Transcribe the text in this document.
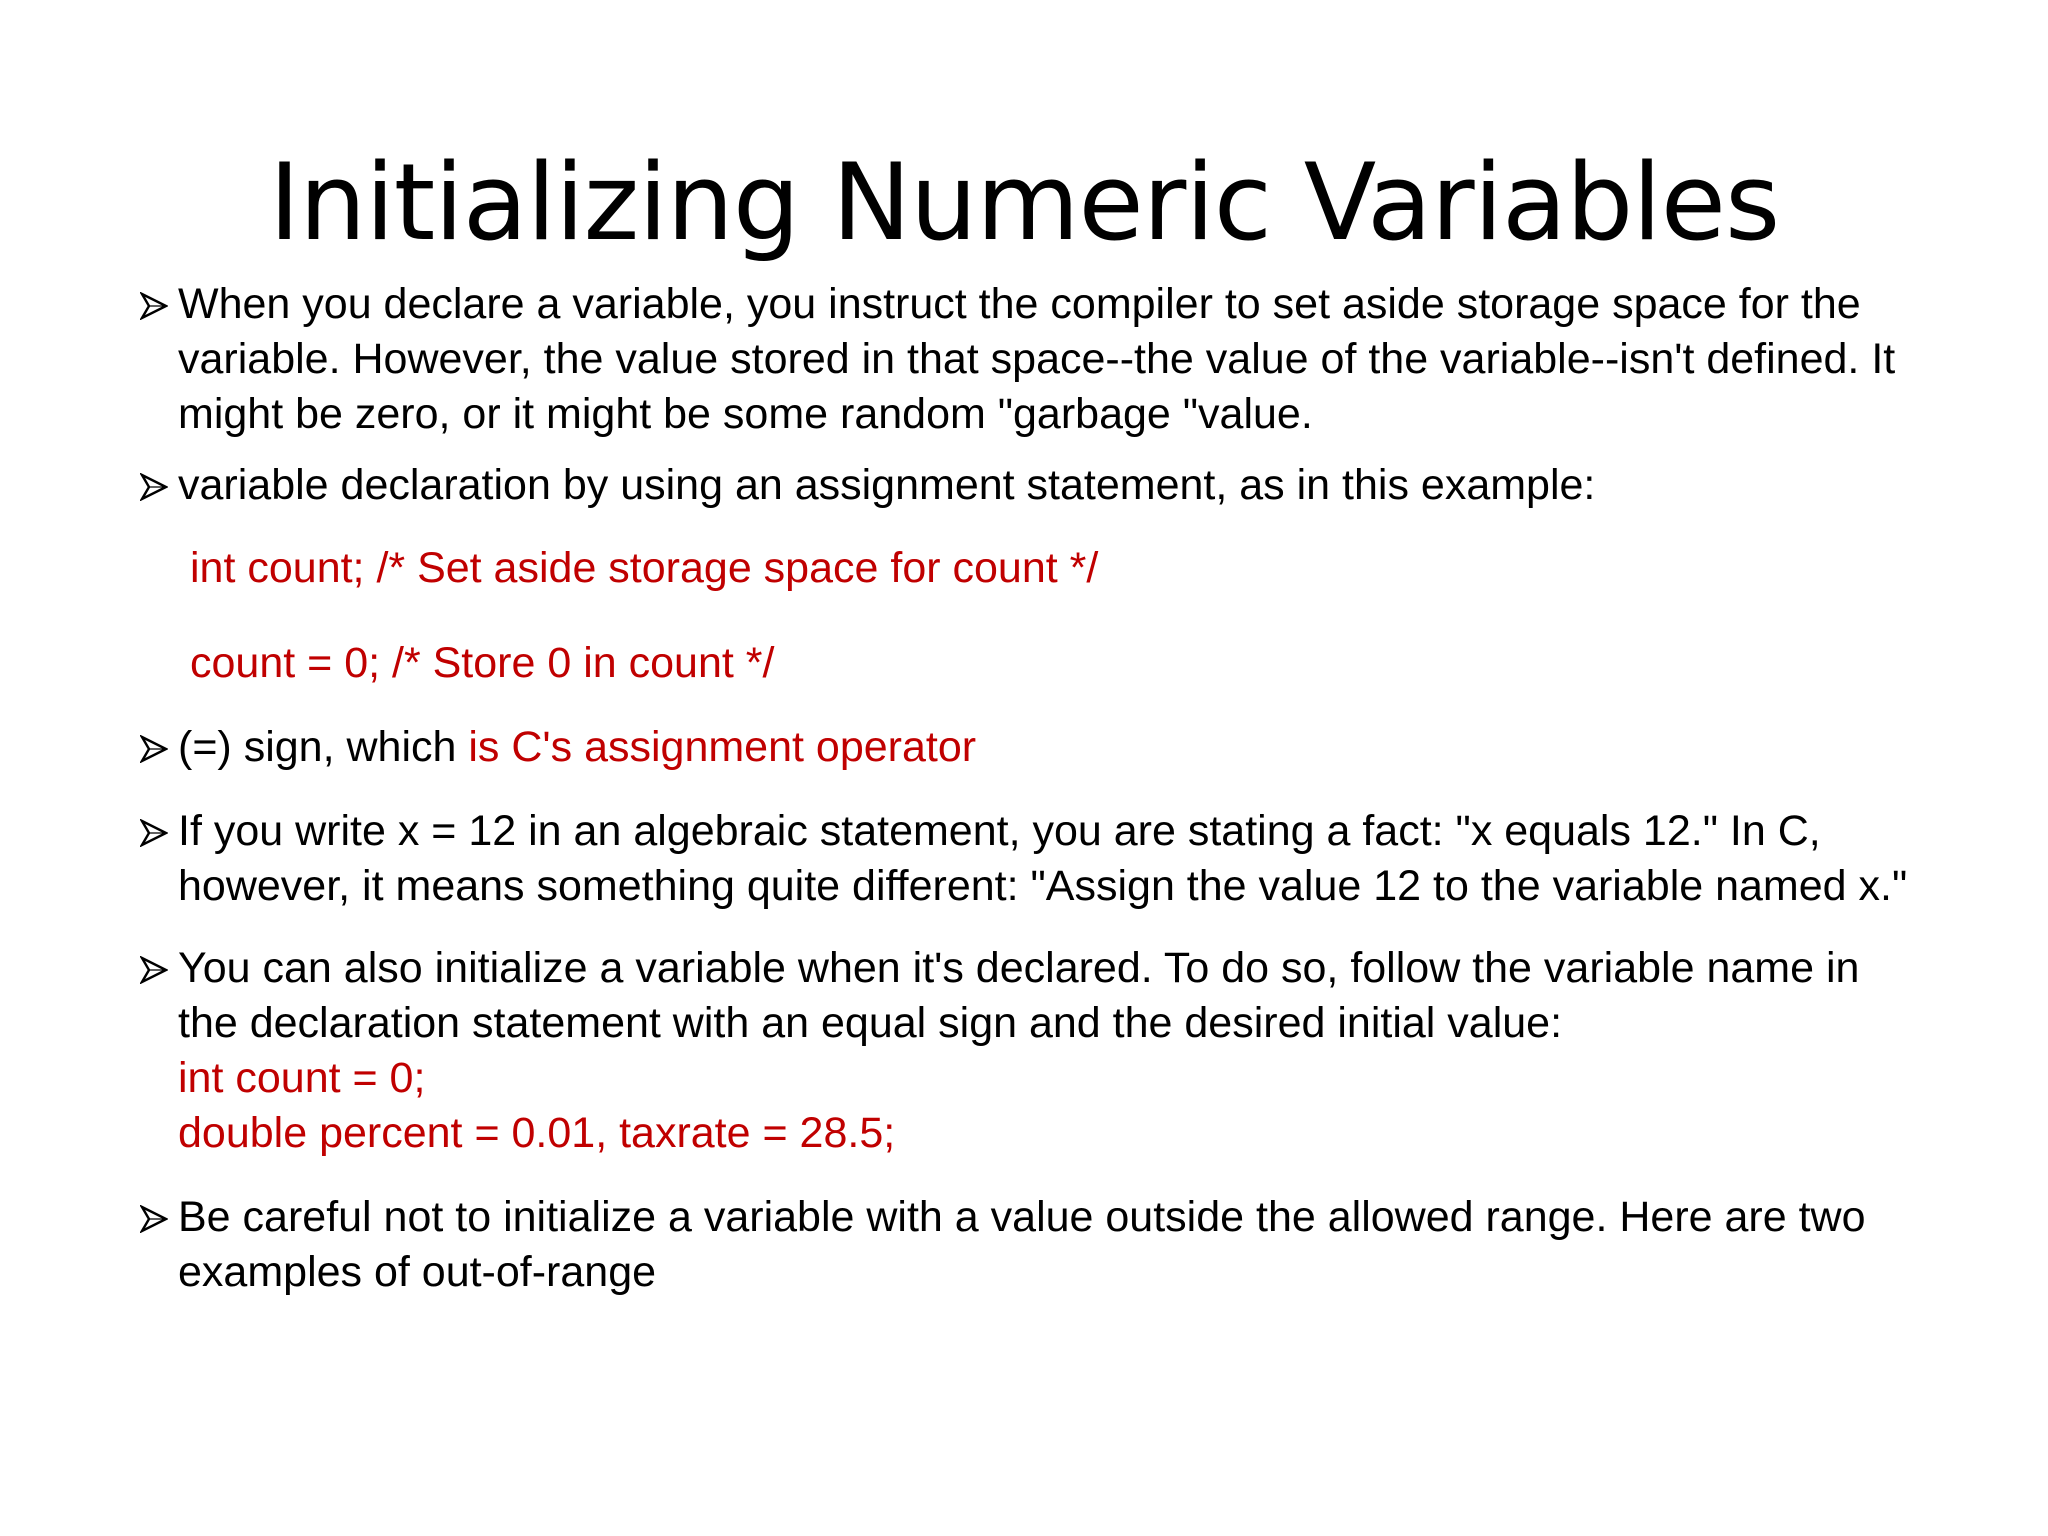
Initializing Numeric Variables
When you declare a variable, you instruct the compiler to set aside storage space for the variable. However, the value stored in that space--the value of the variable--isn't defined. It might be zero, or it might be some random "garbage "value.
variable declaration by using an assignment statement, as in this example:
int count; /* Set aside storage space for count */
count = 0; /* Store 0 in count */
(=) sign, which is C's assignment operator
If you write x = 12 in an algebraic statement, you are stating a fact: "x equals 12." In C, however, it means something quite different: "Assign the value 12 to the variable named x."
You can also initialize a variable when it's declared. To do so, follow the variable name in the declaration statement with an equal sign and the desired initial value:
int count = 0;
double percent = 0.01, taxrate = 28.5;
Be careful not to initialize a variable with a value outside the allowed range. Here are two examples of out-of-range
